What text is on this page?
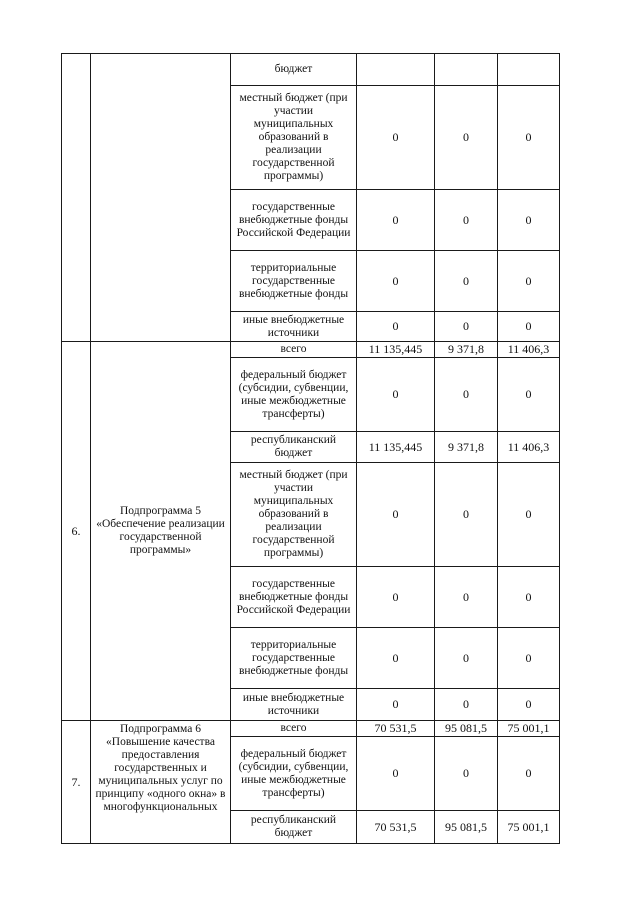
		бюджет			
		местный бюджет (при участии муниципальных образований в реализации государственной программы)	0	0	0
		государственные внебюджетные фонды Российской Федерации	0	0	0
		территориальные государственные внебюджетные фонды	0	0	0
		иные внебюджетные источники	0	0	0
6.	Подпрограмма 5 «Обеспечение реализации государственной программы»	всего	11 135,445	9 371,8	11 406,3
		федеральный бюджет (субсидии, субвенции, иные межбюджетные трансферты)	0	0	0
		республиканский бюджет	11 135,445	9 371,8	11 406,3
		местный бюджет (при участии муниципальных образований в реализации государственной программы)	0	0	0
		государственные внебюджетные фонды Российской Федерации	0	0	0
		территориальные государственные внебюджетные фонды	0	0	0
		иные внебюджетные источники	0	0	0
7.	Подпрограмма 6 «Повышение качества предоставления государственных и муниципальных услуг по принципу «одного окна» в многофункциональных	всего	70 531,5	95 081,5	75 001,1
		федеральный бюджет (субсидии, субвенции, иные межбюджетные трансферты)	0	0	0
		республиканский бюджет	70 531,5	95 081,5	75 001,1
